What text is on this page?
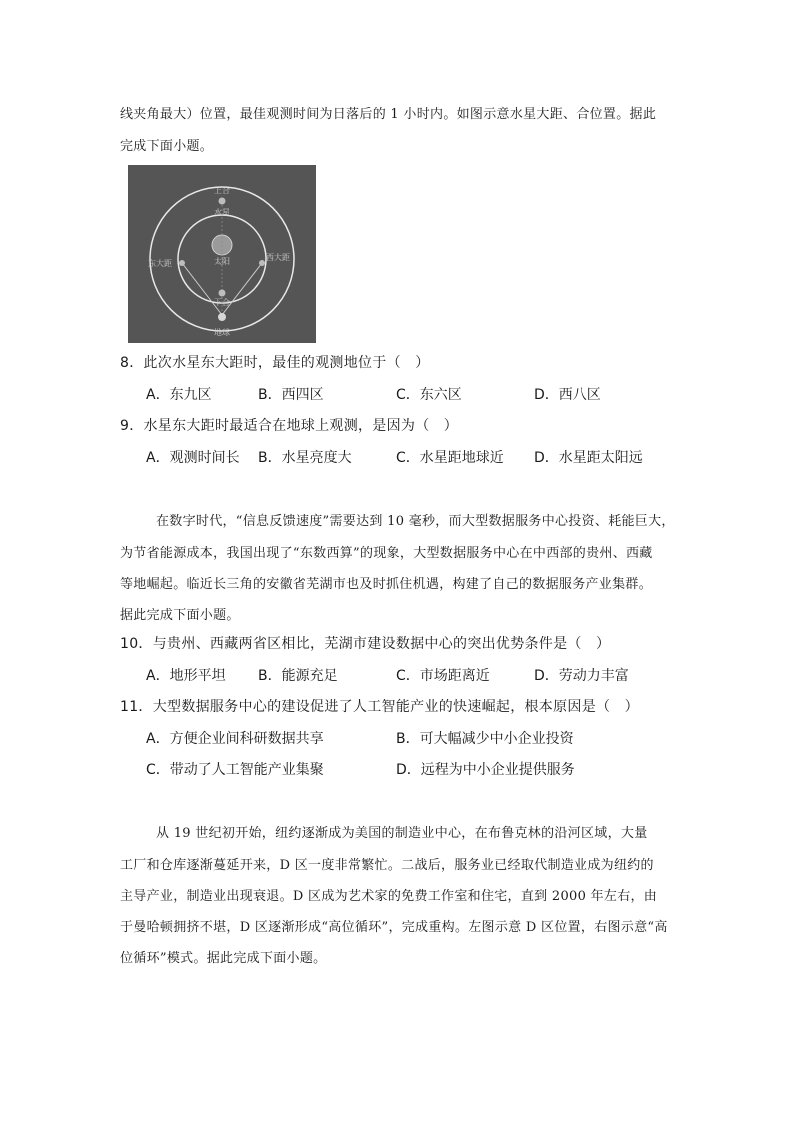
线夹角最大）位置，最佳观测时间为日落后的 1 小时内。如图示意水星大距、合位置。据此
完成下面小题。
上合
水星
太阳
东大距
西大距
下合
地球
8．此次水星东大距时，最佳的观测地位于（　）
A．东九区	B．西四区	C．东六区	D．西八区
9．水星东大距时最适合在地球上观测，是因为（　）
A．观测时间长 B．水星亮度大	C．水星距地球近 D．水星距太阳远
在数字时代，“信息反馈速度”需要达到 10 毫秒，而大型数据服务中心投资、耗能巨大，
为节省能源成本，我国出现了“东数西算”的现象，大型数据服务中心在中西部的贵州、西藏
等地崛起。临近长三角的安徽省芜湖市也及时抓住机遇，构建了自己的数据服务产业集群。
据此完成下面小题。
10．与贵州、西藏两省区相比，芜湖市建设数据中心的突出优势条件是（　）
A．地形平坦 B．能源充足	C．市场距离近	D．劳动力丰富
11．大型数据服务中心的建设促进了人工智能产业的快速崛起，根本原因是（　）
A．方便企业间科研数据共享	B．可大幅减少中小企业投资
C．带动了人工智能产业集聚	D．远程为中小企业提供服务
从 19 世纪初开始，纽约逐渐成为美国的制造业中心，在布鲁克林的沿河区域，大量
工厂和仓库逐渐蔓延开来，D 区一度非常繁忙。二战后，服务业已经取代制造业成为纽约的
主导产业，制造业出现衰退。D 区成为艺术家的免费工作室和住宅，直到 2000 年左右，由
于曼哈顿拥挤不堪，D 区逐渐形成“高位循环”，完成重构。左图示意 D 区位置，右图示意“高
位循环”模式。据此完成下面小题。
